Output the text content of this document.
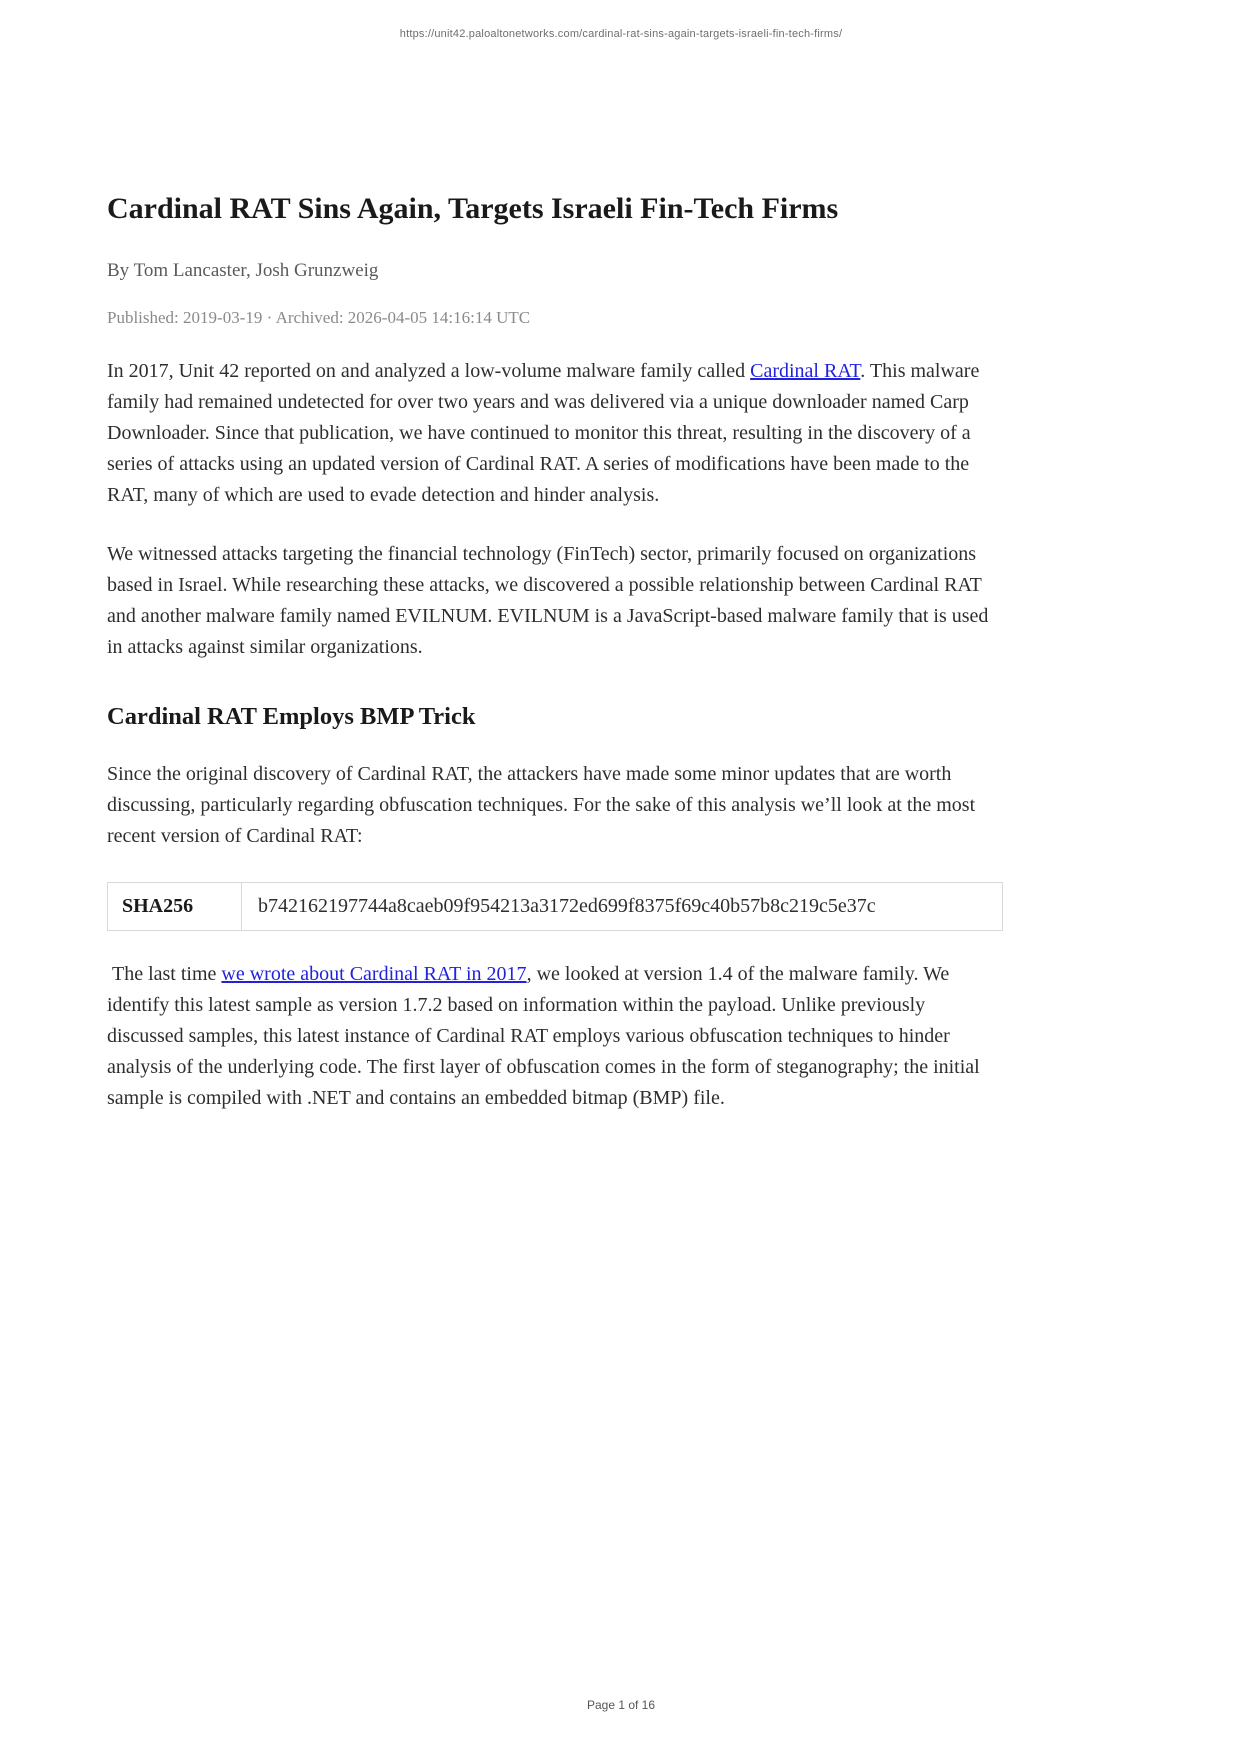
https://unit42.paloaltonetworks.com/cardinal-rat-sins-again-targets-israeli-fin-tech-firms/
Cardinal RAT Sins Again, Targets Israeli Fin-Tech Firms
By Tom Lancaster, Josh Grunzweig
Published: 2019-03-19 · Archived: 2026-04-05 14:16:14 UTC

In 2017, Unit 42 reported on and analyzed a low-volume malware family called Cardinal RAT. This malware family had remained undetected for over two years and was delivered via a unique downloader named Carp Downloader. Since that publication, we have continued to monitor this threat, resulting in the discovery of a series of attacks using an updated version of Cardinal RAT. A series of modifications have been made to the RAT, many of which are used to evade detection and hinder analysis.

We witnessed attacks targeting the financial technology (FinTech) sector, primarily focused on organizations based in Israel. While researching these attacks, we discovered a possible relationship between Cardinal RAT and another malware family named EVILNUM. EVILNUM is a JavaScript-based malware family that is used in attacks against similar organizations.

Cardinal RAT Employs BMP Trick

Since the original discovery of Cardinal RAT, the attackers have made some minor updates that are worth discussing, particularly regarding obfuscation techniques. For the sake of this analysis we’ll look at the most recent version of Cardinal RAT:

SHA256	b742162197744a8caeb09f954213a3172ed699f8375f69c40b57b8c219c5e37c

The last time we wrote about Cardinal RAT in 2017, we looked at version 1.4 of the malware family. We identify this latest sample as version 1.7.2 based on information within the payload. Unlike previously discussed samples, this latest instance of Cardinal RAT employs various obfuscation techniques to hinder analysis of the underlying code. The first layer of obfuscation comes in the form of steganography; the initial sample is compiled with .NET and contains an embedded bitmap (BMP) file.

Page 1 of 16
